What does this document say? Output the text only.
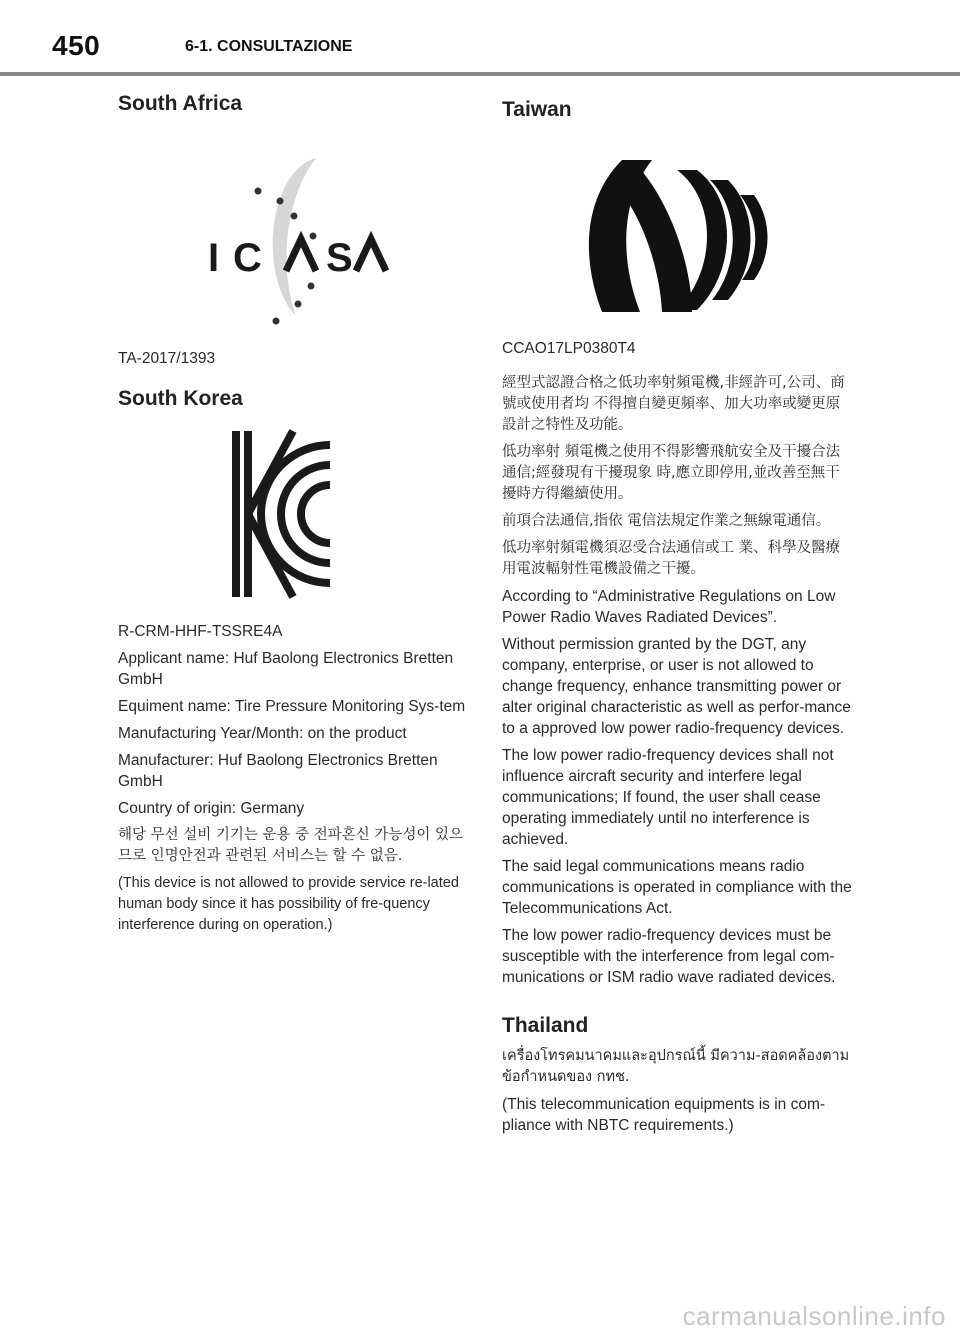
450	6-1. CONSULTAZIONE
South Africa
I C S

TA-2017/1393

South Korea

R-CRM-HHF-TSSRE4A

Applicant name: Huf Baolong Electronics Bretten GmbH

Equiment name: Tire Pressure Monitoring Sys-tem

Manufacturing Year/Month: on the product

Manufacturer: Huf Baolong Electronics Bretten GmbH

Country of origin: Germany

해당 무선 설비 기기는 운용 중 전파혼신 가능성이 있으므로 인명안전과 관련된 서비스는 할 수 없음.

(This device is not allowed to provide service re-lated human body since it has possibility of fre-quency interference during on operation.)

Taiwan

CCAO17LP0380T4

經型式認證合格之低功率射頻電機,非經許可,公司、商號或使用者均 不得擅自變更頻率、加大功率或變更原設計之特性及功能。

低功率射 頻電機之使用不得影響飛航安全及干擾合法通信;經發現有干擾現象 時,應立即停用,並改善至無干擾時方得繼續使用。

前項合法通信,指依 電信法規定作業之無線電通信。

低功率射頻電機須忍受合法通信或工 業、科學及醫療用電波輻射性電機設備之干擾。

According to “Administrative Regulations on Low Power Radio Waves Radiated Devices”.

Without permission granted by the DGT, any company, enterprise, or user is not allowed to change frequency, enhance transmitting power or alter original characteristic as well as perfor-mance to a approved low power radio-frequency devices.

The low power radio-frequency devices shall not influence aircraft security and interfere legal communications; If found, the user shall cease operating immediately until no interference is achieved.

The said legal communications means radio communications is operated in compliance with the Telecommunications Act.

The low power radio-frequency devices must be susceptible with the interference from legal com-munications or ISM radio wave radiated devices.

Thailand

เครื่องโทรคมนาคมและอุปกรณ์นี้ มีความ-สอดคล้องตามข้อกำหนดของ กทช.

(This telecommunication equipments is in com-pliance with NBTC requirements.)

carmanualsonline.info
